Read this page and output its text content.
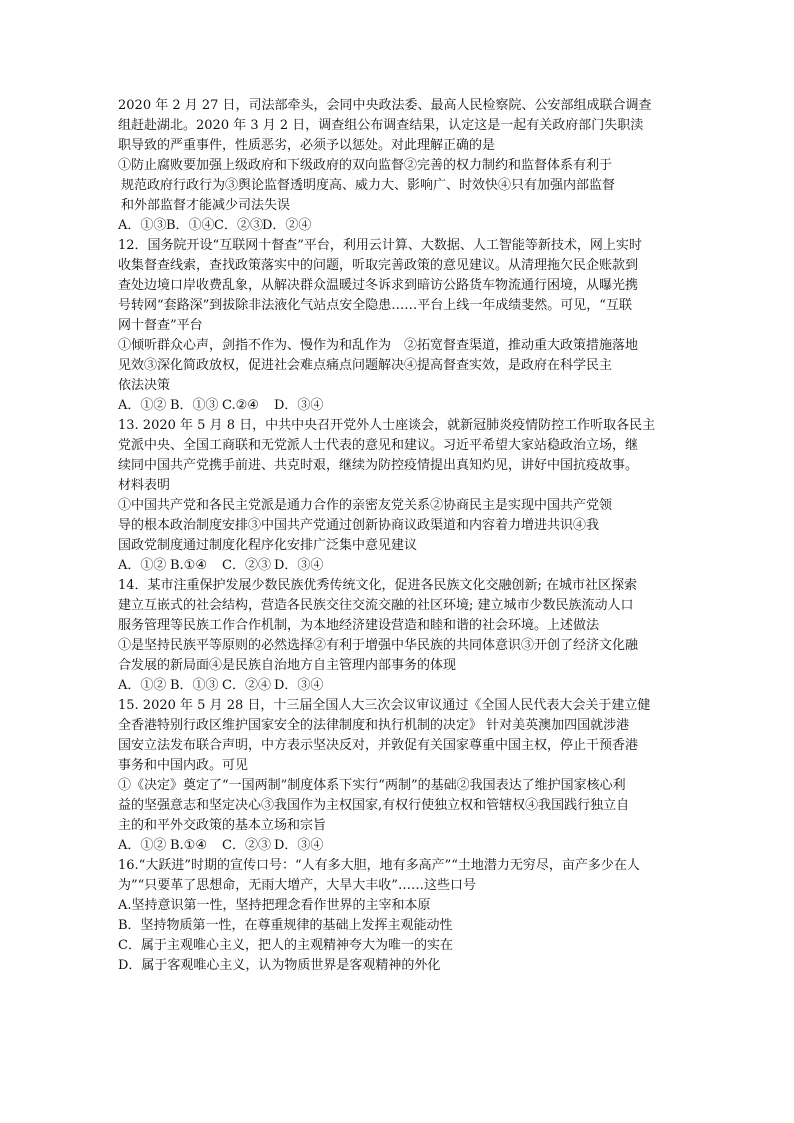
2020 年 2 月 27 日，司法部牵头，会同中央政法委、最高人民检察院、公安部组成联合调查
组赶赴湖北。2020 年 3 月 2 日，调查组公布调查结果，认定这是一起有关政府部门失职渎
职导致的严重事件，性质恶劣，必须予以惩处。对此理解正确的是
①防止腐败要加强上级政府和下级政府的双向监督②完善的权力制约和监督体系有利于
规范政府行政行为③舆论监督透明度高、威力大、影响广、时效快④只有加强内部监督
和外部监督才能减少司法失误
A．①③ B．①④ C．②③ D．②④
12．国务院开设“互联网十督查”平台，利用云计算、大数据、人工智能等新技术，网上实时
收集督查线索，查找政策落实中的问题，听取完善政策的意见建议。从清理拖欠民企账款到
查处边境口岸收费乱象，从解决群众温暖过冬诉求到暗访公路货车物流通行困境，从曝光携
号转网“套路深”到拔除非法液化气站点安全隐患……平台上线一年成绩斐然。可见，“互联
网十督查”平台
①倾听群众心声，剑指不作为、慢作为和乱作为　②拓宽督查渠道，推动重大政策措施落地
见效③深化简政放权，促进社会难点痛点问题解决④提高督查实效，是政府在科学民主
依法决策
A．①② B．①③ C.②④	D．③④
13. 2020 年 5 月 8 日，中共中央召开党外人士座谈会，就新冠肺炎疫情防控工作听取各民主
党派中央、全国工商联和无党派人士代表的意见和建议。习近平希望大家站稳政治立场，继
续同中国共产党携手前进、共克时艰，继续为防控疫情提出真知灼见，讲好中国抗疫故事。
材料表明
①中国共产党和各民主党派是通力合作的亲密友党关系②协商民主是实现中国共产党领
导的根本政治制度安排③中国共产党通过创新协商议政渠道和内容着力增进共识④我
国政党制度通过制度化程序化安排广泛集中意见建议
A．①② B.①④	C．②③ D．③④
14．某市注重保护发展少数民族优秀传统文化，促进各民族文化交融创新; 在城市社区探索
建立互嵌式的社会结构，营造各民族交往交流交融的社区环境; 建立城市少数民族流动人口
服务管理等民族工作合作机制，为本地经济建设营造和睦和谐的社会环境。上述做法
①是坚持民族平等原则的必然选择②有利于增强中华民族的共同体意识③开创了经济文化融
合发展的新局面④是民族自治地方自主管理内部事务的体现
A．①② B．①③ C．②④ D．③④
15. 2020 年 5 月 28 日，十三届全国人大三次会议审议通过《全国人民代表大会关于建立健
全香港特别行政区维护国家安全的法律制度和执行机制的决定》 针对美英澳加四国就涉港
国安立法发布联合声明，中方表示坚决反对，并敦促有关国家尊重中国主权，停止干预香港
事务和中国内政。可见
①《决定》奠定了“一国两制”制度体系下实行“两制”的基础②我国表达了维护国家核心利
益的坚强意志和坚定决心③我国作为主权国家,有权行使独立权和管辖权④我国践行独立自
主的和平外交政策的基本立场和宗旨
A．①② B.①④	C．②③ D．③④
16.“大跃进”时期的宣传口号：“人有多大胆，地有多高产”“土地潜力无穷尽，亩产多少在人
为”“只要革了思想命，无雨大增产，大旱大丰收”……这些口号
A.坚持意识第一性，坚持把理念看作世界的主宰和本原
B．坚持物质第一性，在尊重规律的基础上发挥主观能动性
C．属于主观唯心主义，把人的主观精神夸大为唯一的实在
D．属于客观唯心主义，认为物质世界是客观精神的外化
